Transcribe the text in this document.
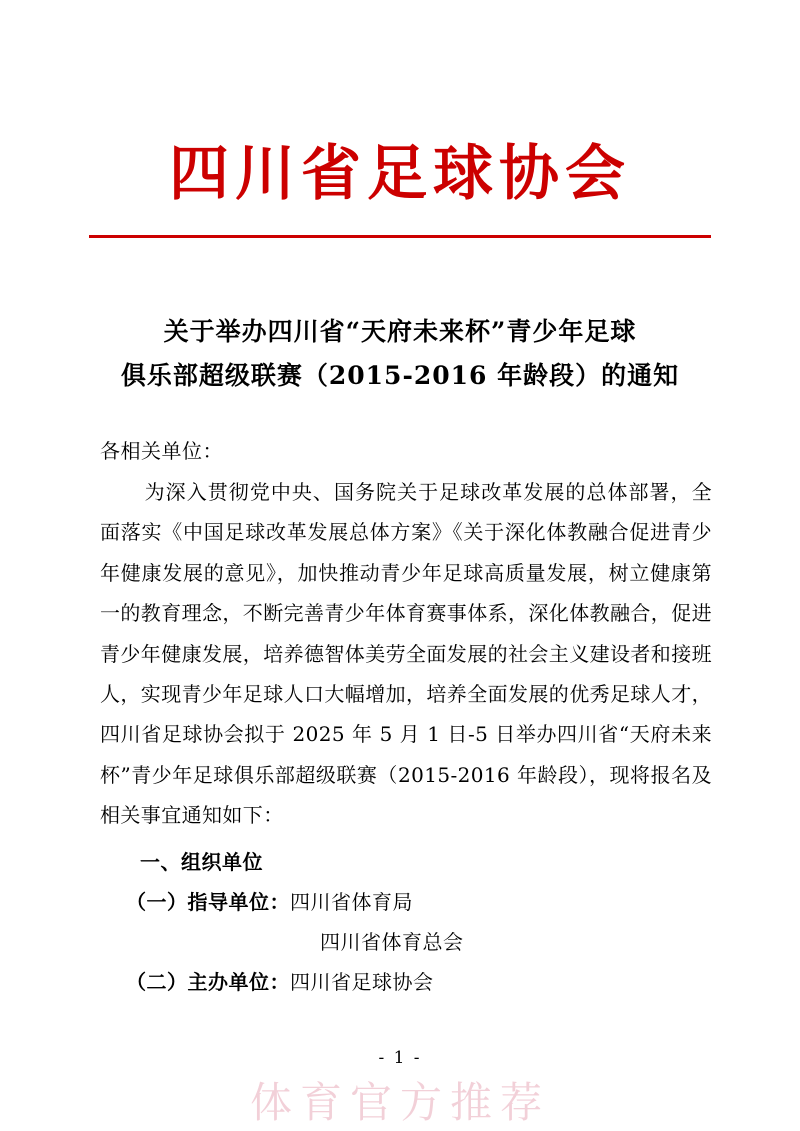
四川省足球协会
关于举办四川省“天府未来杯”青少年足球
俱乐部超级联赛（2015-2016 年龄段）的通知
各相关单位：
为深入贯彻党中央、国务院关于足球改革发展的总体部署，全面落实《中国足球改革发展总体方案》《关于深化体教融合促进青少年健康发展的意见》，加快推动青少年足球高质量发展，树立健康第一的教育理念，不断完善青少年体育赛事体系，深化体教融合，促进青少年健康发展，培养德智体美劳全面发展的社会主义建设者和接班人，实现青少年足球人口大幅增加，培养全面发展的优秀足球人才，四川省足球协会拟于 2025 年 5 月 1 日-5 日举办四川省“天府未来杯”青少年足球俱乐部超级联赛（2015-2016 年龄段），现将报名及相关事宜通知如下：
一、组织单位
（一）指导单位：四川省体育局
四川省体育总会
（二）主办单位：四川省足球协会
- 1 -
体育官方推荐
